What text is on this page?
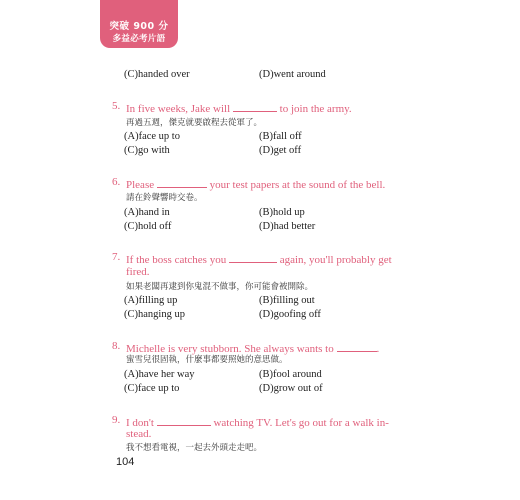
突破 900 分
多益必考片語
(C)handed over	(D)went around
5. In five weeks, Jake will	to join the army.
再過五週，傑克就要啟程去從軍了。
(A)face up to	(B)fall off
(C)go with	(D)get off
6. Please	your test papers at the sound of the bell.
請在鈴聲響時交卷。
(A)hand in	(B)hold up
(C)hold off	(D)had better
7. If the boss catches you	again, you'll probably get
fired.
如果老闆再逮到你鬼混不做事，你可能會被開除。
(A)filling up	(B)filling out
(C)hanging up	(D)goofing off
8. Michelle is very stubborn. She always wants to	.
蜜雪兒很固執，什麼事都要照她的意思做。
(A)have her way	(B)fool around
(C)face up to	(D)grow out of
9. I don't	watching TV. Let's go out for a walk in-
stead.
我不想看電視，一起去外頭走走吧。
104
